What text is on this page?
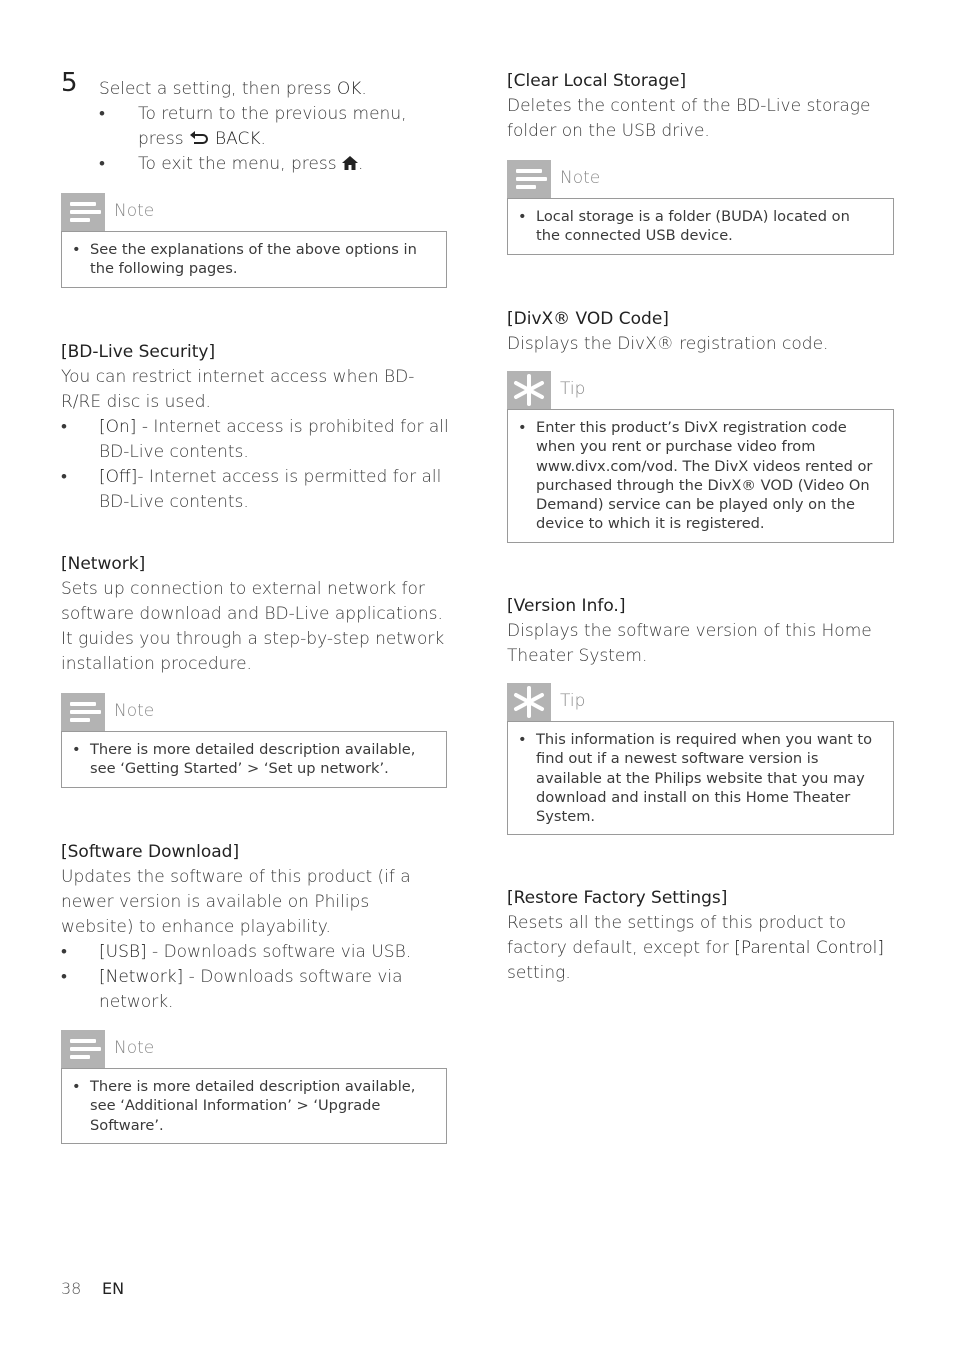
5 Select a setting, then press OK.
• To return to the previous menu, press BACK.
• To exit the menu, press .
Note
• See the explanations of the above options in the following pages.
[BD-Live Security]
You can restrict internet access when BD-R/RE disc is used.
• [On] - Internet access is prohibited for all BD-Live contents.
• [Off]- Internet access is permitted for all BD-Live contents.
[Network]
Sets up connection to external network for software download and BD-Live applications. It guides you through a step-by-step network installation procedure.
Note
• There is more detailed description available, see ‘Getting Started’ > ‘Set up network’.
[Software Download]
Updates the software of this product (if a newer version is available on Philips website) to enhance playability.
• [USB] - Downloads software via USB.
• [Network] - Downloads software via network.
Note
• There is more detailed description available, see ‘Additional Information’ > ‘Upgrade Software’.
[Clear Local Storage]
Deletes the content of the BD-Live storage folder on the USB drive.
Note
• Local storage is a folder (BUDA) located on the connected USB device.
[DivX® VOD Code]
Displays the DivX® registration code.
Tip
• Enter this product’s DivX registration code when you rent or purchase video from www.divx.com/vod. The DivX videos rented or purchased through the DivX® VOD (Video On Demand) service can be played only on the device to which it is registered.
[Version Info.]
Displays the software version of this Home Theater System.
Tip
• This information is required when you want to find out if a newest software version is available at the Philips website that you may download and install on this Home Theater System.
[Restore Factory Settings]
Resets all the settings of this product to factory default, except for [Parental Control] setting.
38 EN
